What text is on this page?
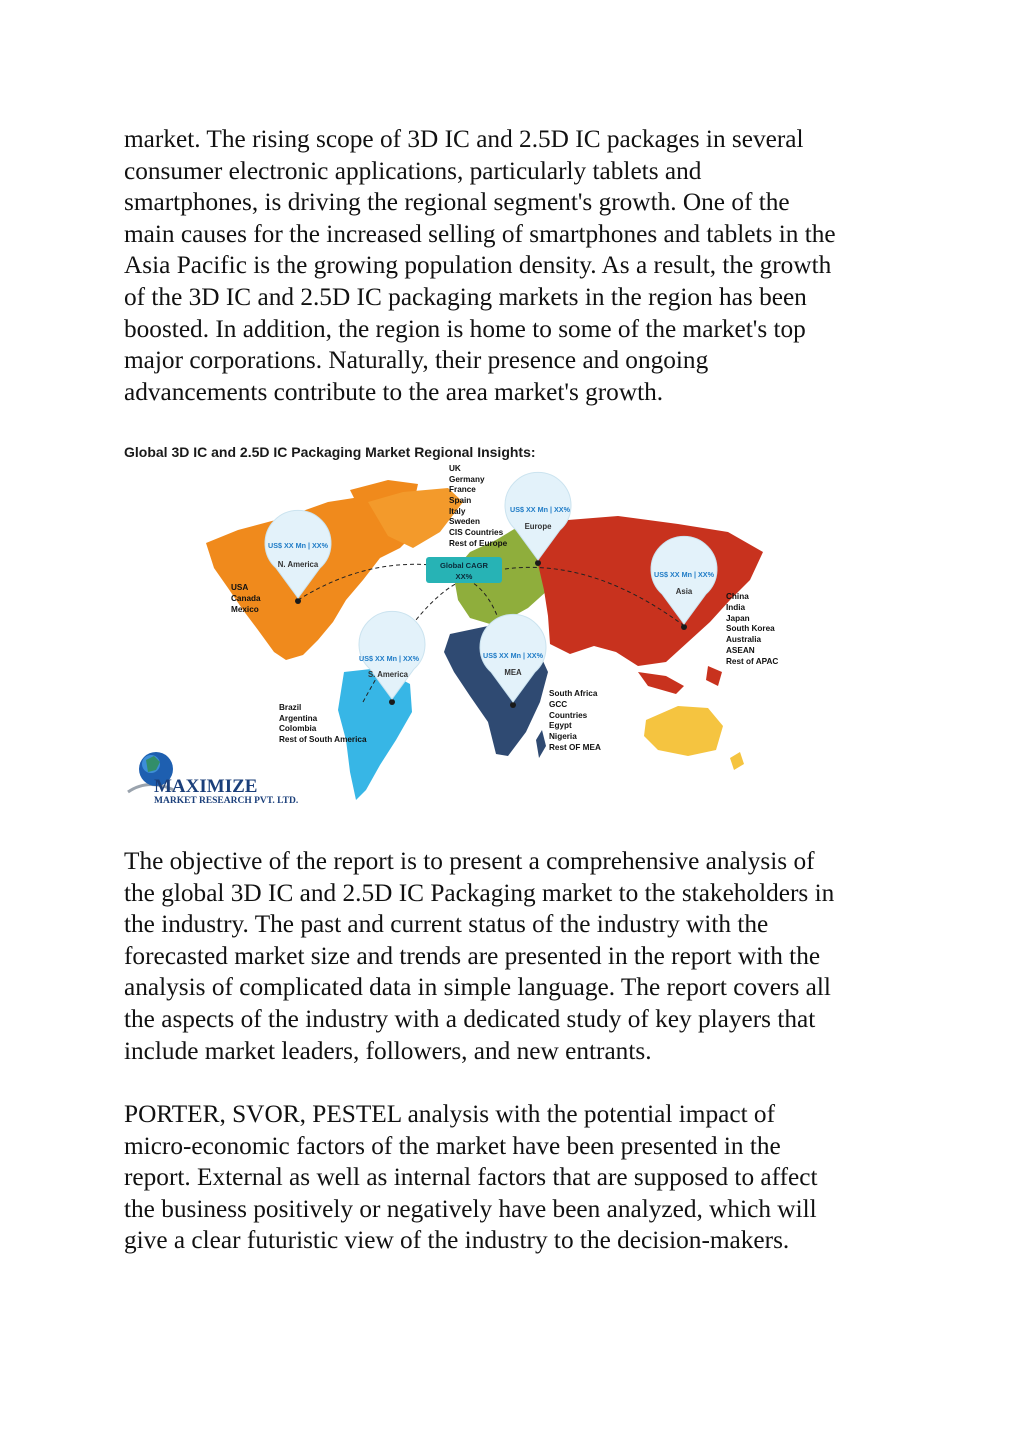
market. The rising scope of 3D IC and 2.5D IC packages in several
consumer electronic applications, particularly tablets and
smartphones, is driving the regional segment's growth. One of the
main causes for the increased selling of smartphones and tablets in the
Asia Pacific is the growing population density. As a result, the growth
of the 3D IC and 2.5D IC packaging markets in the region has been
boosted. In addition, the region is home to some of the market's top
major corporations. Naturally, their presence and ongoing
advancements contribute to the area market's growth.
US$ XX Mn | XX%
N. America
US$ XX Mn | XX%
Europe
US$ XX Mn | XX%
Asia
US$ XX Mn | XX%
S. America
US$ XX Mn | XX%
MEA
Global CAGR
XX%
USA
Canada
Mexico
UK
Germany
France
Spain
Italy
Sweden
CIS Countries
Rest of Europe
China
India
Japan
South Korea
Australia
ASEAN
Rest of APAC
Brazil
Argentina
Colombia
Rest of South America
South Africa
GCC
Countries
Egypt
Nigeria
Rest OF MEA
MAXIMIZE
MARKET RESEARCH PVT. LTD.
Global 3D IC and 2.5D IC Packaging Market Regional Insights:
The objective of the report is to present a comprehensive analysis of
the global 3D IC and 2.5D IC Packaging market to the stakeholders in
the industry. The past and current status of the industry with the
forecasted market size and trends are presented in the report with the
analysis of complicated data in simple language. The report covers all
the aspects of the industry with a dedicated study of key players that
include market leaders, followers, and new entrants.
PORTER, SVOR, PESTEL analysis with the potential impact of
micro-economic factors of the market have been presented in the
report. External as well as internal factors that are supposed to affect
the business positively or negatively have been analyzed, which will
give a clear futuristic view of the industry to the decision-makers.
